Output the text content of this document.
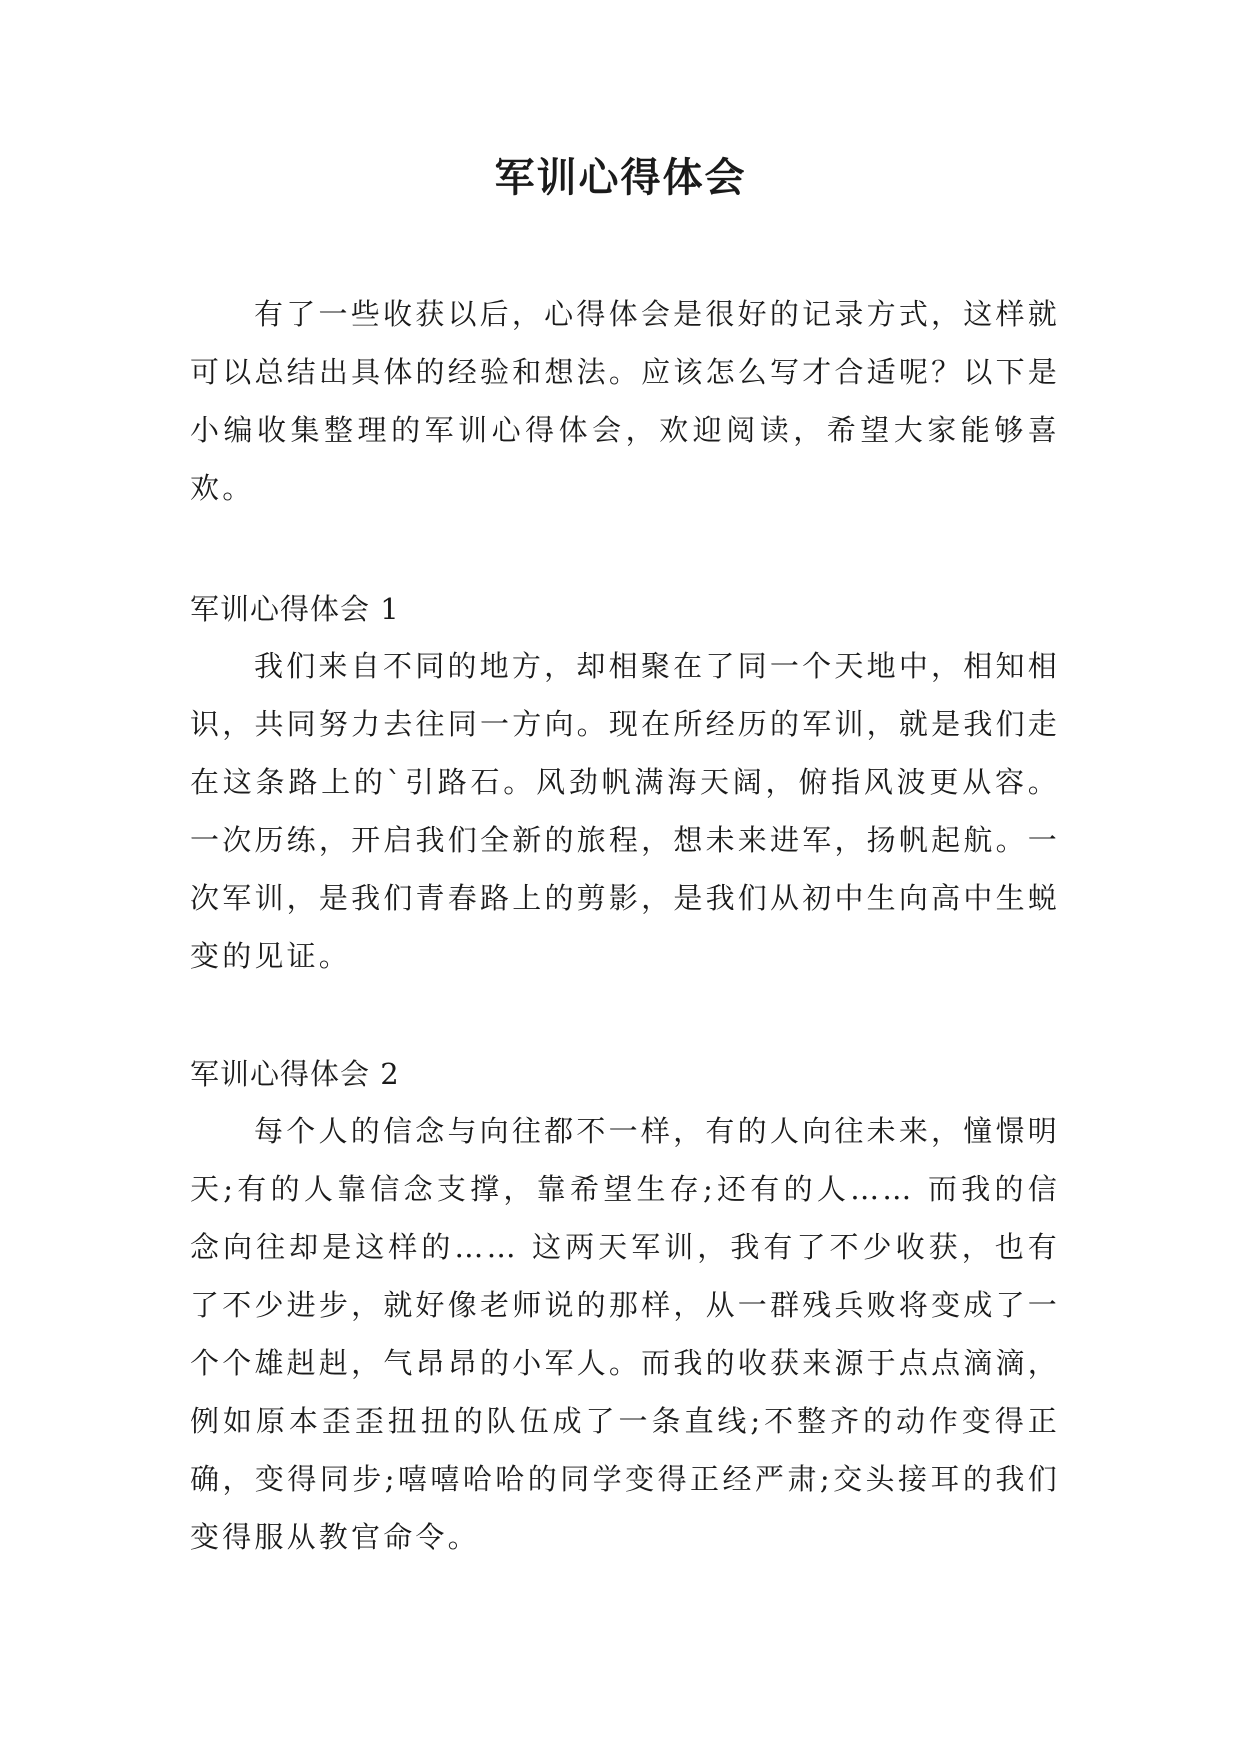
军训心得体会

有了一些收获以后，心得体会是很好的记录方式，这样就可以总结出具体的经验和想法。应该怎么写才合适呢？以下是小编收集整理的军训心得体会，欢迎阅读，希望大家能够喜欢。

军训心得体会 1

我们来自不同的地方，却相聚在了同一个天地中，相知相识，共同努力去往同一方向。现在所经历的军训，就是我们走在这条路上的`引路石。风劲帆满海天阔，俯指风波更从容。一次历练，开启我们全新的旅程，想未来进军，扬帆起航。一次军训，是我们青春路上的剪影，是我们从初中生向高中生蜕变的见证。

军训心得体会 2

每个人的信念与向往都不一样，有的人向往未来，憧憬明天;有的人靠信念支撑，靠希望生存;还有的人…… 而我的信念向往却是这样的…… 这两天军训，我有了不少收获，也有了不少进步，就好像老师说的那样，从一群残兵败将变成了一个个雄赳赳，气昂昂的小军人。而我的收获来源于点点滴滴，例如原本歪歪扭扭的队伍成了一条直线;不整齐的动作变得正确，变得同步;嘻嘻哈哈的同学变得正经严肃;交头接耳的我们变得服从教官命令。
